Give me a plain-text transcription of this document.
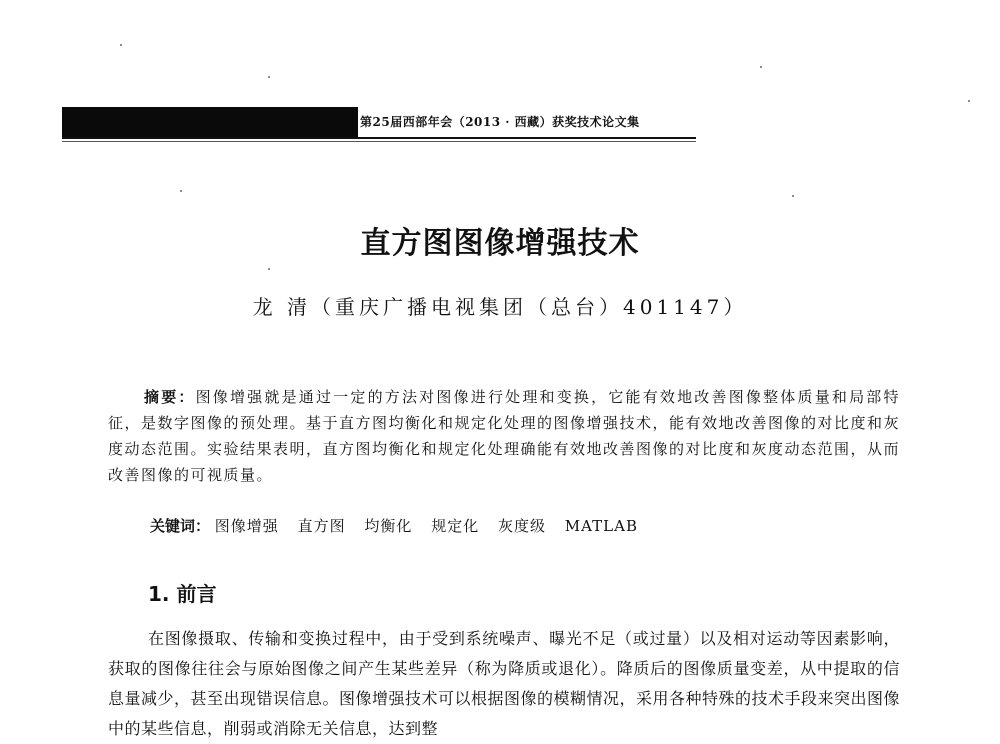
第25届西部年会（2013 · 西藏）获奖技术论文集
直方图图像增强技术
龙 清（重庆广播电视集团（总台）401147）
摘要：图像增强就是通过一定的方法对图像进行处理和变换，它能有效地改善图像整体质量和局部特征，是数字图像的预处理。基于直方图均衡化和规定化处理的图像增强技术，能有效地改善图像的对比度和灰度动态范围。实验结果表明，直方图均衡化和规定化处理确能有效地改善图像的对比度和灰度动态范围，从而改善图像的可视质量。
关键词： 图像增强 直方图 均衡化 规定化 灰度级 MATLAB
1. 前言
在图像摄取、传输和变换过程中，由于受到系统噪声、曝光不足（或过量）以及相对运动等因素影响，获取的图像往往会与原始图像之间产生某些差异（称为降质或退化）。降质后的图像质量变差，从中提取的信息量减少，甚至出现错误信息。图像增强技术可以根据图像的模糊情况，采用各种特殊的技术手段来突出图像中的某些信息，削弱或消除无关信息，达到整
